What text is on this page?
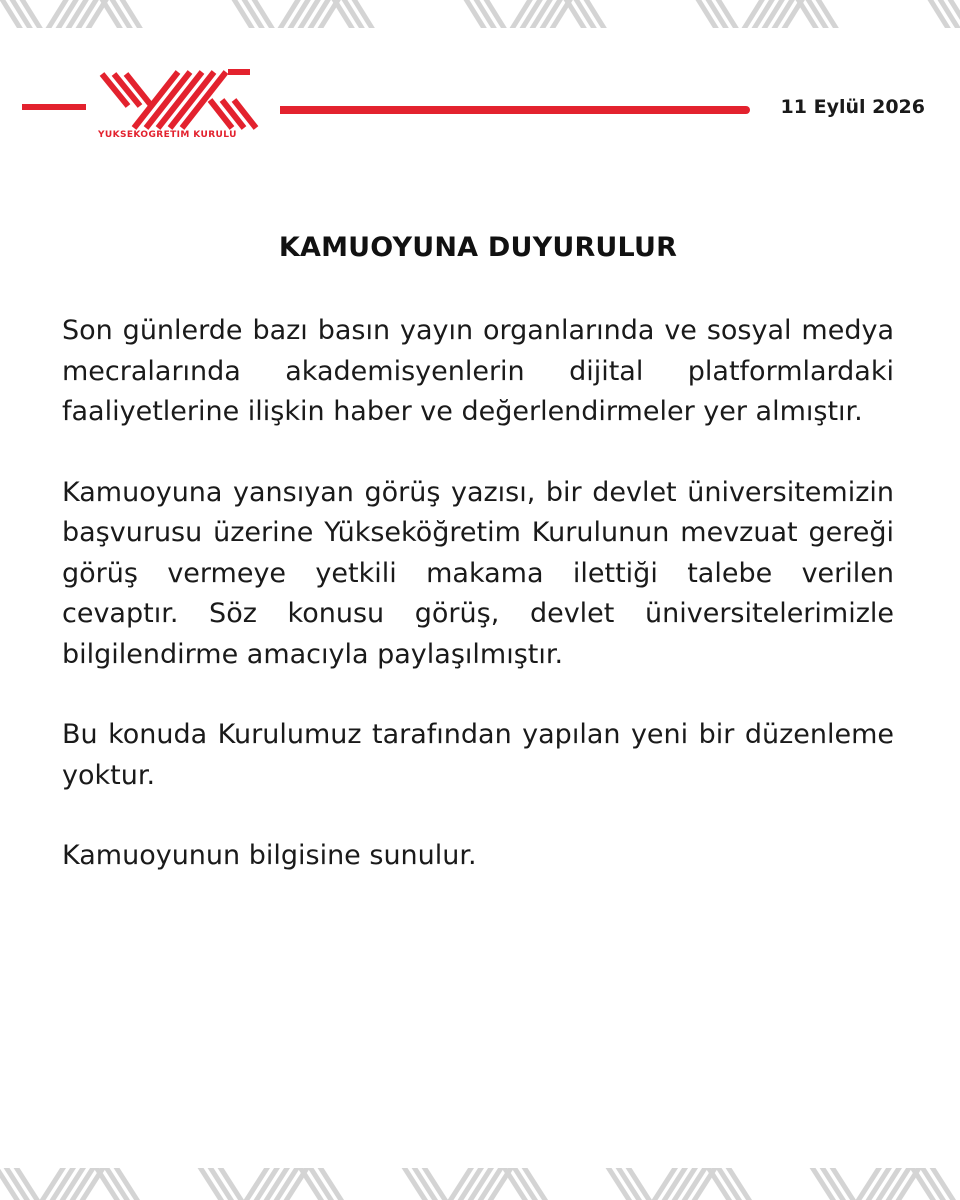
YÜKSEKÖĞRETİM KURULU
11 Eylül 2026
KAMUOYUNA DUYURULUR

Son günlerde bazı basın yayın organlarında ve sosyal medya mecralarında akademisyenlerin dijital platformlardaki faaliyetlerine ilişkin haber ve değerlendirmeler yer almıştır.

Kamuoyuna yansıyan görüş yazısı, bir devlet üniversitemizin başvurusu üzerine Yükseköğretim Kurulunun mevzuat gereği görüş vermeye yetkili makama ilettiği talebe verilen cevaptır. Söz konusu görüş, devlet üniversitelerimizle bilgilendirme amacıyla paylaşılmıştır.

Bu konuda Kurulumuz tarafından yapılan yeni bir düzenleme yoktur.

Kamuoyunun bilgisine sunulur.
